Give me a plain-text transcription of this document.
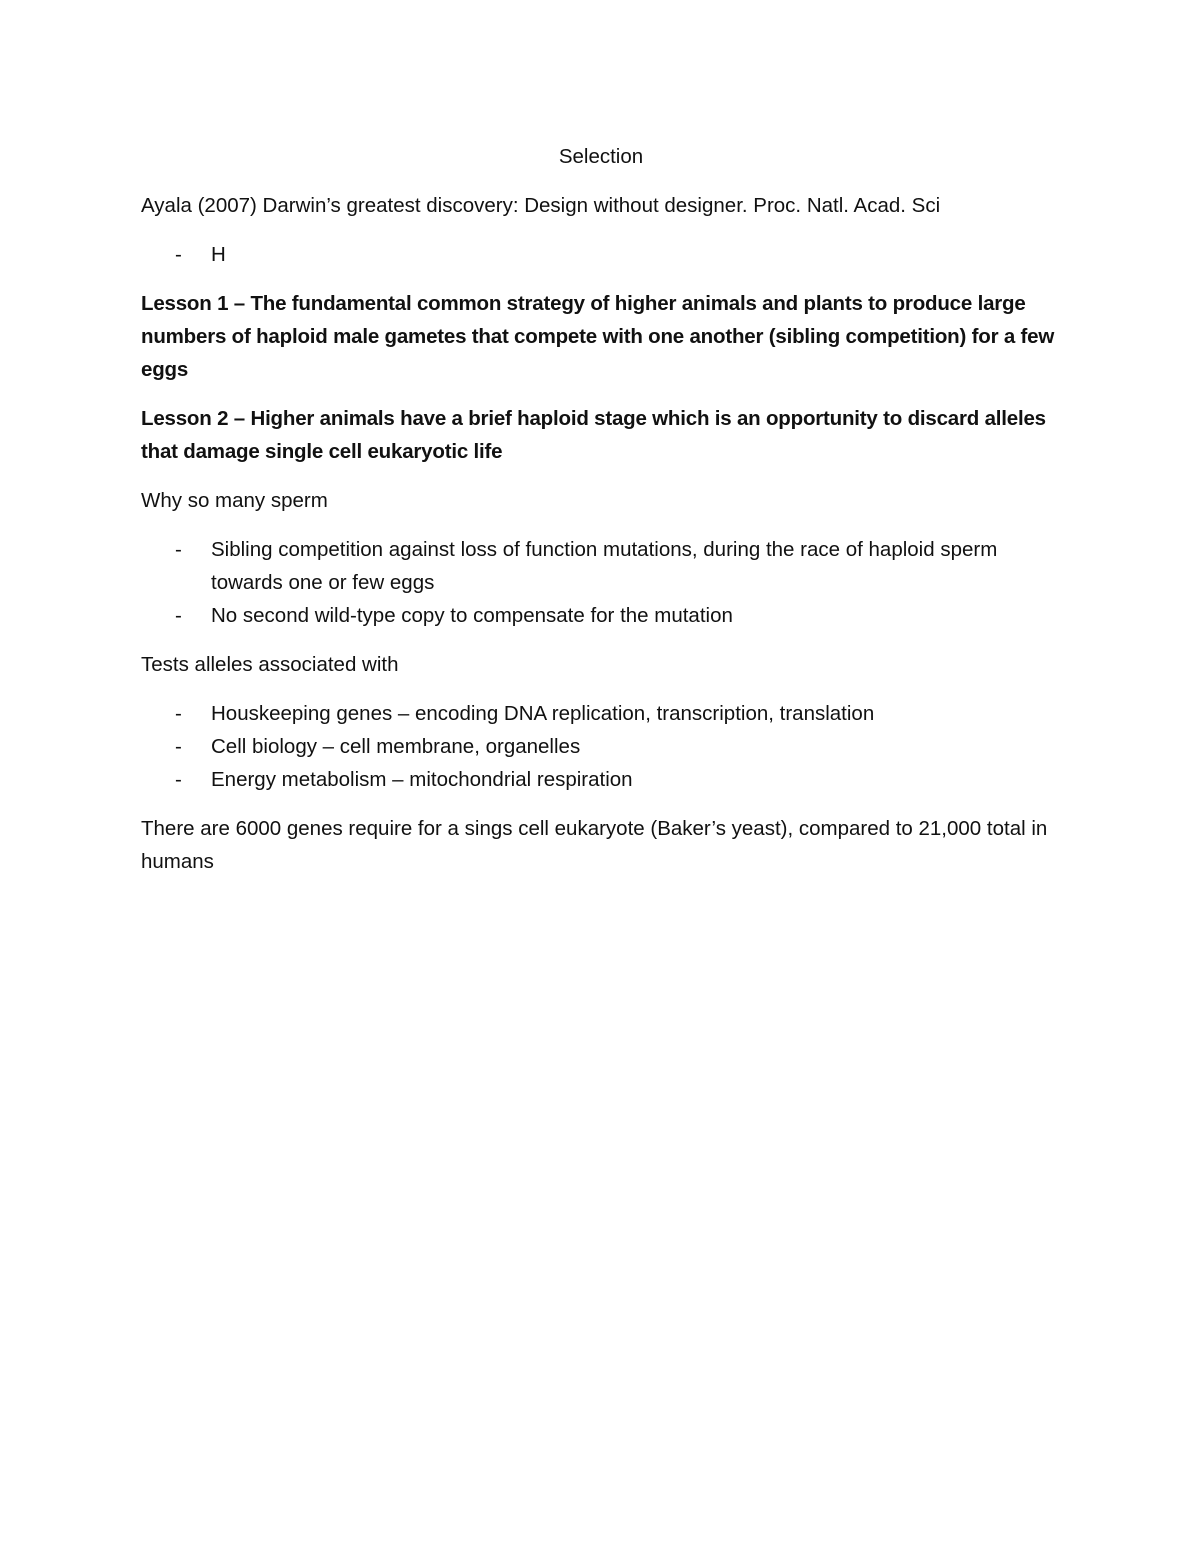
Selection

Ayala (2007) Darwin’s greatest discovery: Design without designer. Proc. Natl. Acad. Sci

- H

Lesson 1 – The fundamental common strategy of higher animals and plants to produce large numbers of haploid male gametes that compete with one another (sibling competition) for a few eggs

Lesson 2 – Higher animals have a brief haploid stage which is an opportunity to discard alleles that damage single cell eukaryotic life

Why so many sperm

- Sibling competition against loss of function mutations, during the race of haploid sperm towards one or few eggs
- No second wild-type copy to compensate for the mutation

Tests alleles associated with

- Houskeeping genes – encoding DNA replication, transcription, translation
- Cell biology – cell membrane, organelles
- Energy metabolism – mitochondrial respiration

There are 6000 genes require for a sings cell eukaryote (Baker’s yeast), compared to 21,000 total in humans
